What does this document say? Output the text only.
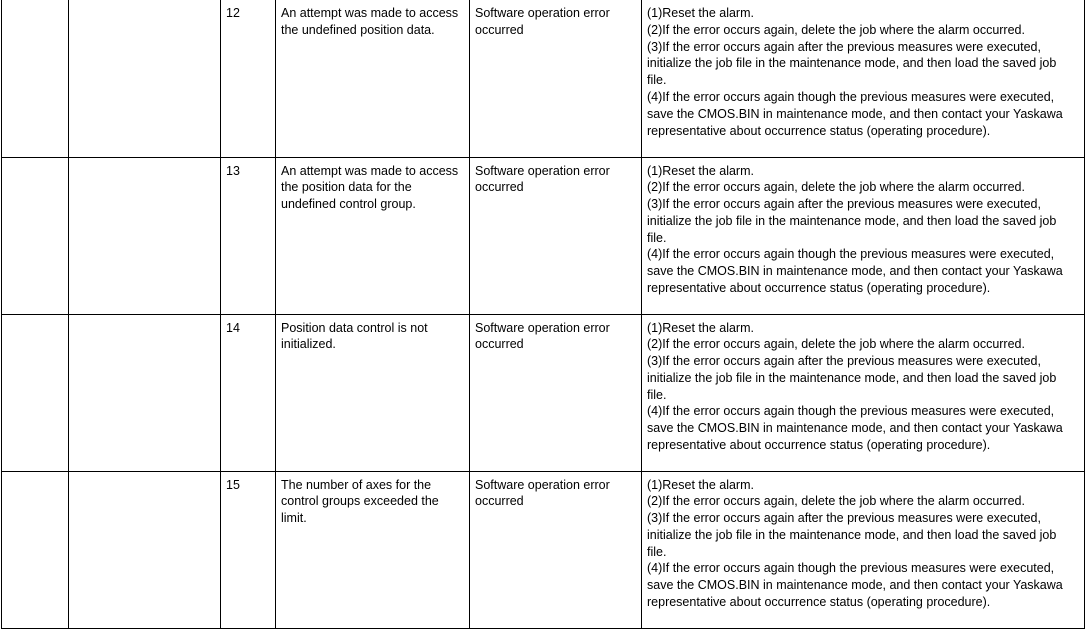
		12	An attempt was made to access the undefined position data.	Software operation error occurred	(1)Reset the alarm.
(2)If the error occurs again, delete the job where the alarm occurred.
(3)If the error occurs again after the previous measures were executed, initialize the job file in the maintenance mode, and then load the saved job file.
(4)If the error occurs again though the previous measures were executed, save the CMOS.BIN in maintenance mode, and then contact your Yaskawa representative about occurrence status (operating procedure).

		13	An attempt was made to access the position data for the undefined control group.	Software operation error occurred	(1)Reset the alarm.
(2)If the error occurs again, delete the job where the alarm occurred.
(3)If the error occurs again after the previous measures were executed, initialize the job file in the maintenance mode, and then load the saved job file.
(4)If the error occurs again though the previous measures were executed, save the CMOS.BIN in maintenance mode, and then contact your Yaskawa representative about occurrence status (operating procedure).

		14	Position data control is not initialized.	Software operation error occurred	(1)Reset the alarm.
(2)If the error occurs again, delete the job where the alarm occurred.
(3)If the error occurs again after the previous measures were executed, initialize the job file in the maintenance mode, and then load the saved job file.
(4)If the error occurs again though the previous measures were executed, save the CMOS.BIN in maintenance mode, and then contact your Yaskawa representative about occurrence status (operating procedure).

		15	The number of axes for the control groups exceeded the limit.	Software operation error occurred	(1)Reset the alarm.
(2)If the error occurs again, delete the job where the alarm occurred.
(3)If the error occurs again after the previous measures were executed, initialize the job file in the maintenance mode, and then load the saved job file.
(4)If the error occurs again though the previous measures were executed, save the CMOS.BIN in maintenance mode, and then contact your Yaskawa representative about occurrence status (operating procedure).
